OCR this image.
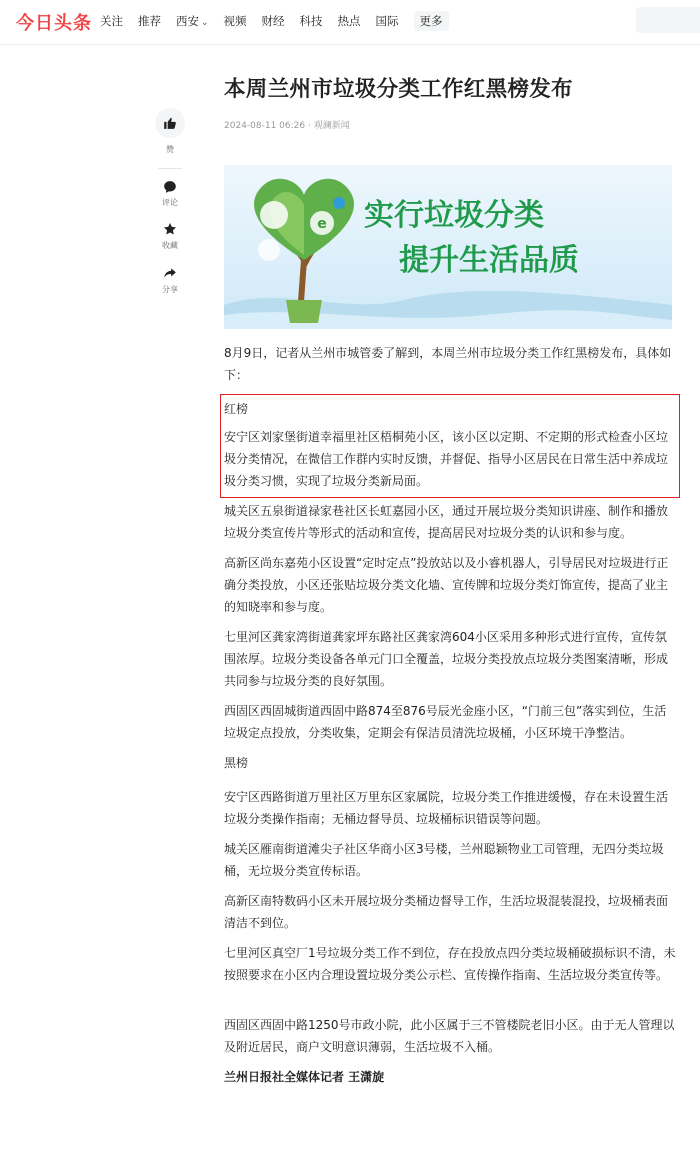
今日头条 关注 推荐 西安 ⌄ 视频 财经 科技 热点 国际	更多
赞
评论
收藏
分享
本周兰州市垃圾分类工作红黑榜发布
2024-08-11 06:26 · 观澜新闻
e 实行垃圾分类
提升生活品质

8月9日，记者从兰州市城管委了解到，本周兰州市垃圾分类工作红黑榜发布，具体如下：

红榜

安宁区刘家堡街道幸福里社区梧桐苑小区，该小区以定期、不定期的形式检查小区垃圾分类情况，在微信工作群内实时反馈，并督促、指导小区居民在日常生活中养成垃圾分类习惯，实现了垃圾分类新局面。

城关区五泉街道禄家巷社区长虹嘉园小区，通过开展垃圾分类知识讲座、制作和播放垃圾分类宣传片等形式的活动和宣传，提高居民对垃圾分类的认识和参与度。

高新区尚东嘉苑小区设置“定时定点”投放站以及小睿机器人，引导居民对垃圾进行正确分类投放，小区还张贴垃圾分类文化墙、宣传牌和垃圾分类灯饰宣传，提高了业主的知晓率和参与度。

七里河区龚家湾街道龚家坪东路社区龚家湾604小区采用多种形式进行宣传，宣传氛围浓厚。垃圾分类设备各单元门口全覆盖，垃圾分类投放点垃圾分类图案清晰，形成共同参与垃圾分类的良好氛围。

西固区西固城街道西固中路874至876号辰光金座小区，“门前三包”落实到位，生活垃圾定点投放，分类收集，定期会有保洁员清洗垃圾桶，小区环境干净整洁。

黑榜

安宁区西路街道万里社区万里东区家属院，垃圾分类工作推进缓慢，存在未设置生活垃圾分类操作指南；无桶边督导员、垃圾桶标识错误等问题。

城关区雁南街道滩尖子社区华商小区3号楼，兰州聪颖物业工司管理，无四分类垃圾桶，无垃圾分类宣传标语。

高新区南特数码小区未开展垃圾分类桶边督导工作，生活垃圾混装混投，垃圾桶表面清洁不到位。

七里河区真空厂1号垃圾分类工作不到位，存在投放点四分类垃圾桶破损标识不清，未按照要求在小区内合理设置垃圾分类公示栏、宣传操作指南、生活垃圾分类宣传等。

西固区西固中路1250号市政小院，此小区属于三不管楼院老旧小区。由于无人管理以及附近居民，商户文明意识薄弱，生活垃圾不入桶。

兰州日报社全媒体记者 王潇旋
